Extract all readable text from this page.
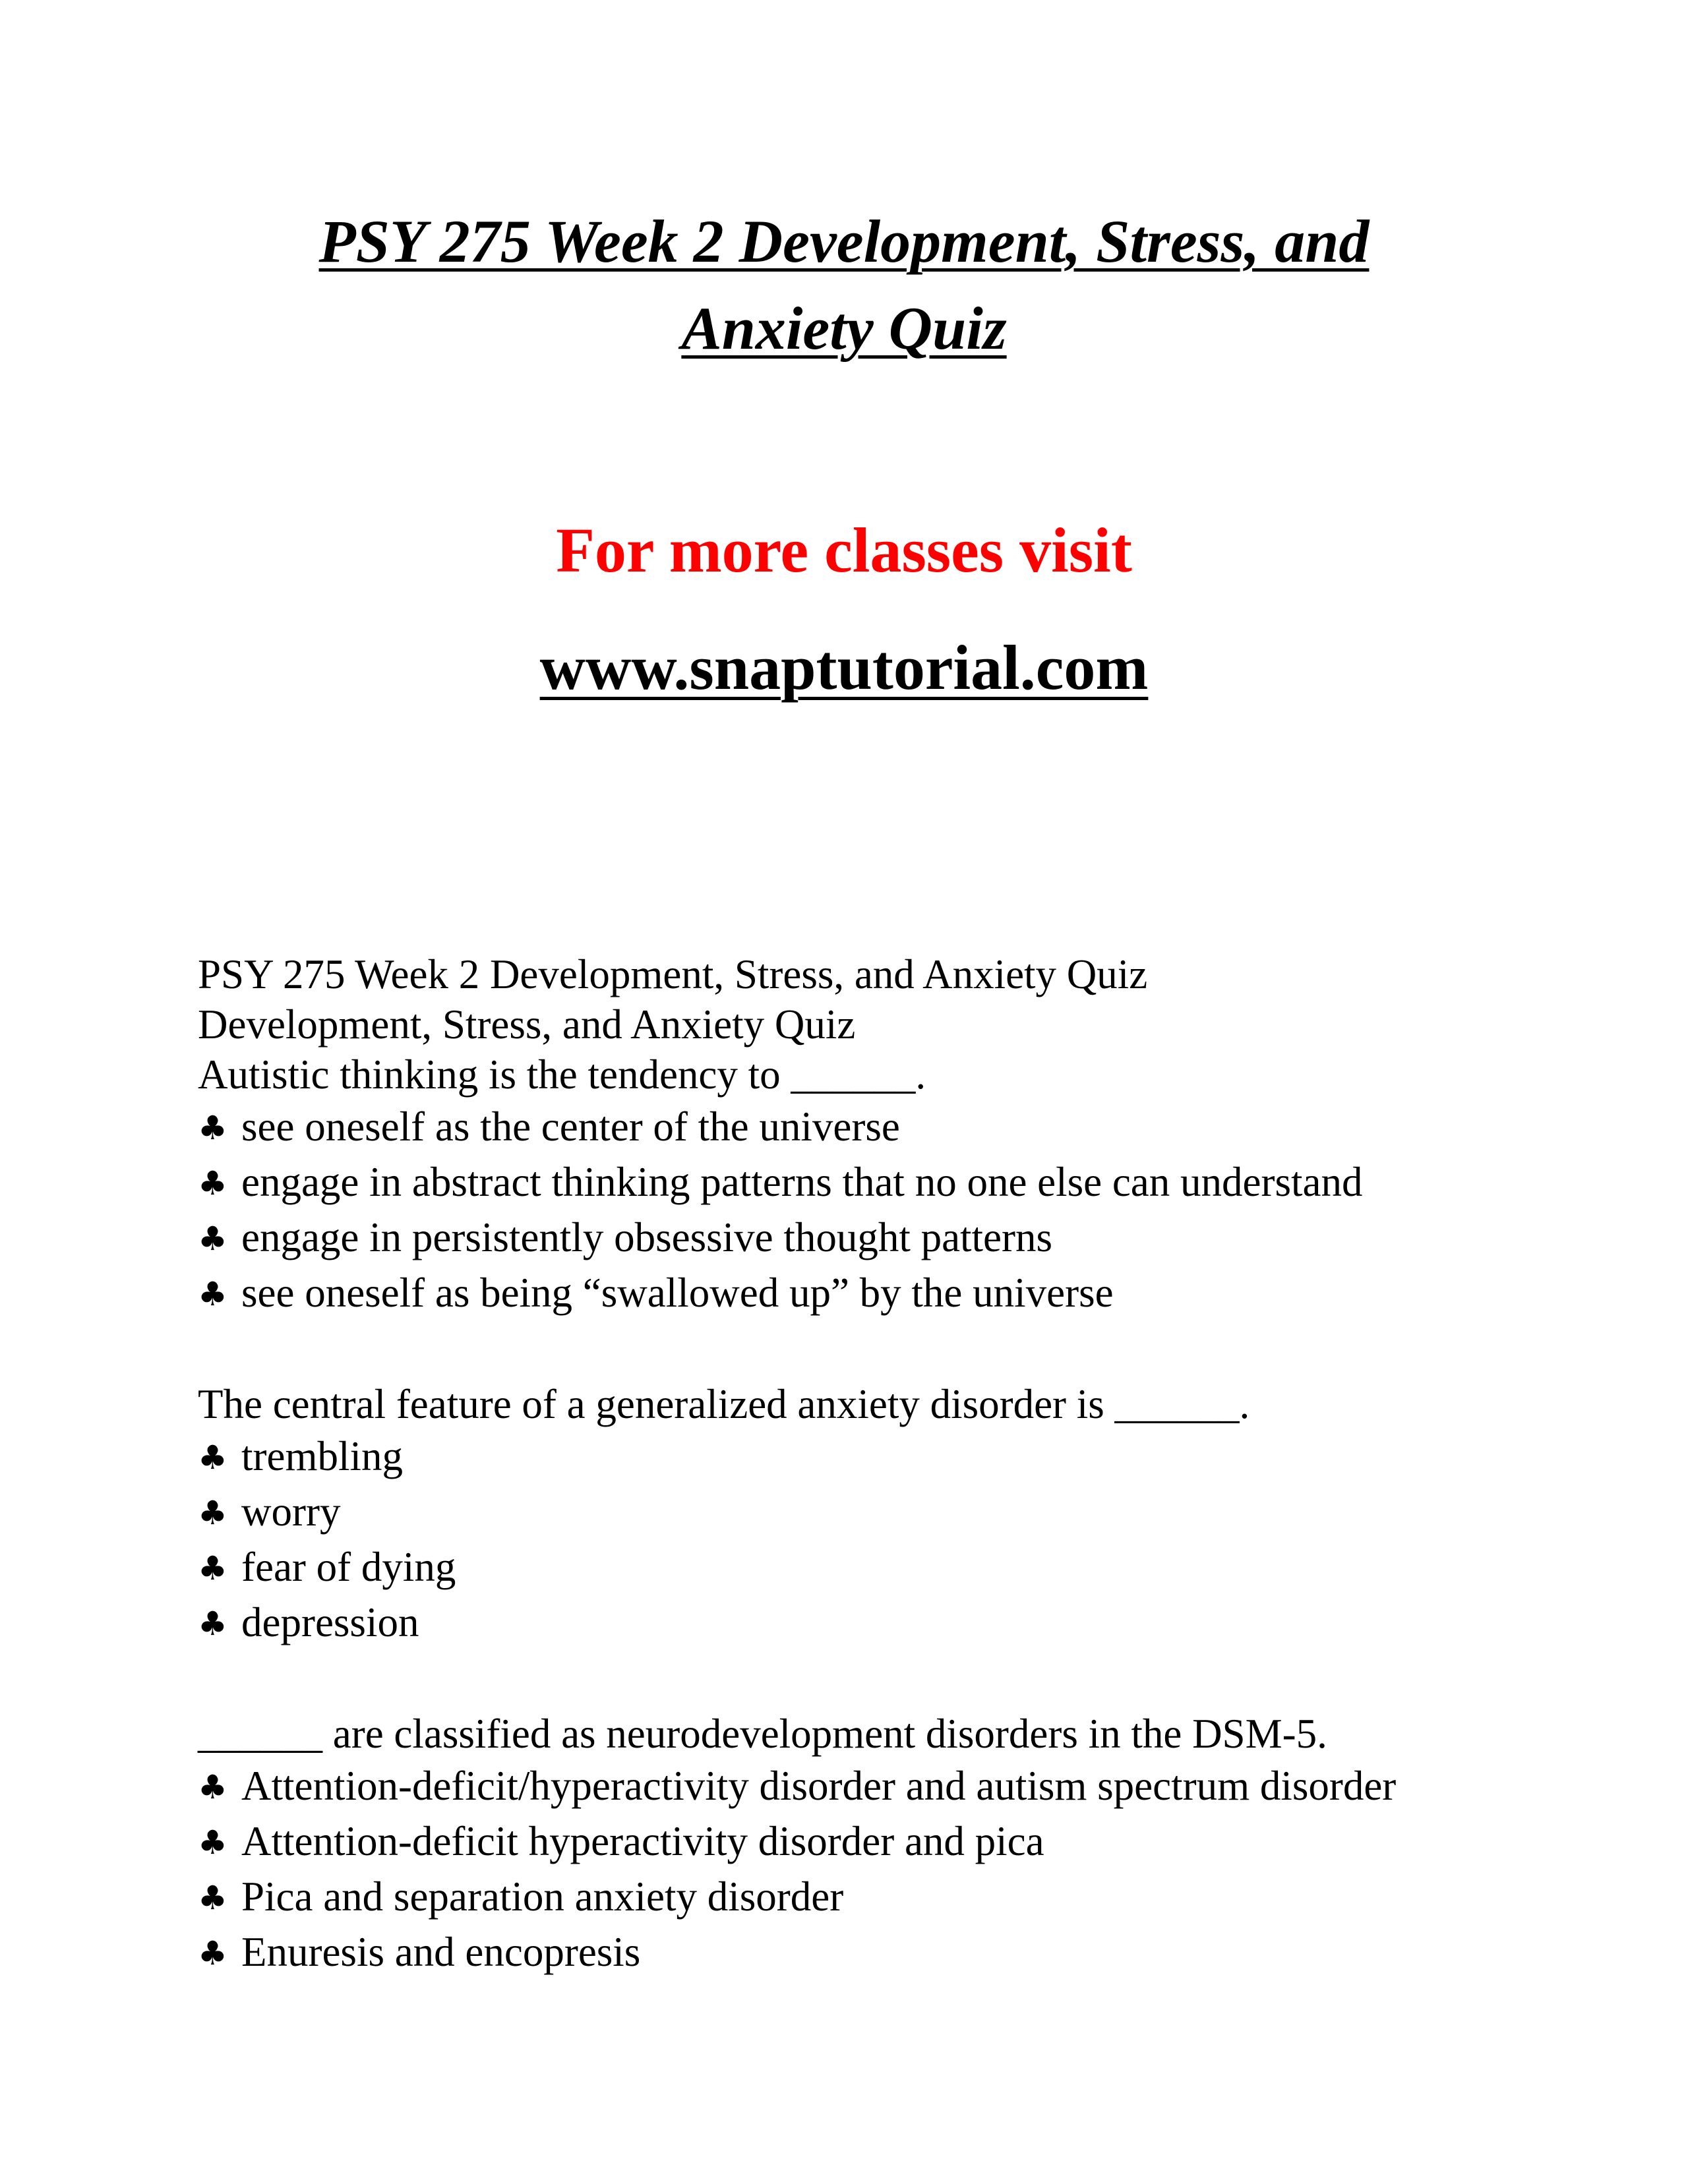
PSY 275 Week 2 Development, Stress, and Anxiety Quiz
For more classes visit
www.snaptutorial.com
PSY 275 Week 2 Development, Stress, and Anxiety Quiz
Development, Stress, and Anxiety Quiz
Autistic thinking is the tendency to ______.
♣ see oneself as the center of the universe
♣ engage in abstract thinking patterns that no one else can understand
♣ engage in persistently obsessive thought patterns
♣ see oneself as being “swallowed up” by the universe
The central feature of a generalized anxiety disorder is ______.
♣ trembling
♣ worry
♣ fear of dying
♣ depression
______ are classified as neurodevelopment disorders in the DSM-5.
♣ Attention-deficit/hyperactivity disorder and autism spectrum disorder
♣ Attention-deficit hyperactivity disorder and pica
♣ Pica and separation anxiety disorder
♣ Enuresis and encopresis
